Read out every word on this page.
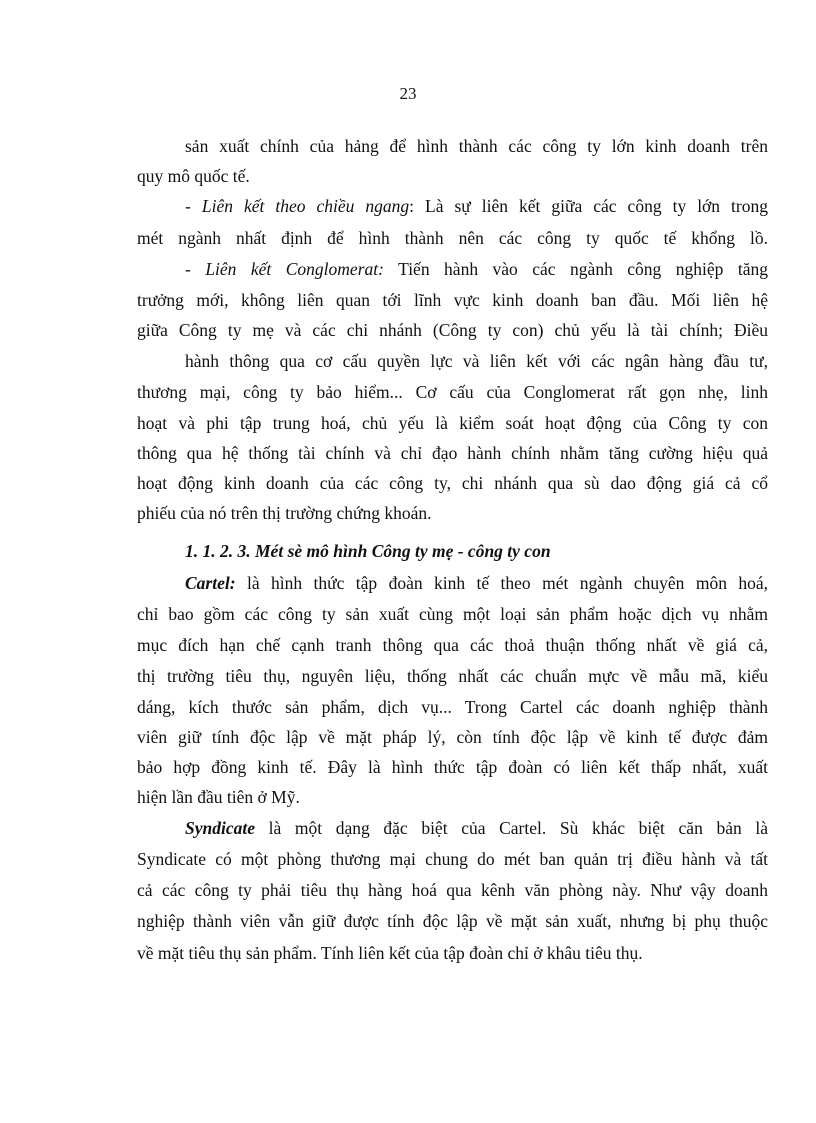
23
sản xuất chính của hảng để hình thành các công ty lớn kinh doanh trên
quy mô quốc tế.
- Liên kết theo chiều ngang: Là sự liên kết giữa các công ty lớn trong
mét ngành nhất định để hình thành nên các công ty quốc tế khổng lồ.
- Liên kết Conglomerat: Tiến hành vào các ngành công nghiệp tăng
trưởng mới, không liên quan tới lĩnh vực kinh doanh ban đầu. Mối liên hệ
giữa Công ty mẹ và các chi nhánh (Công ty con) chủ yếu là tài chính; Điều
hành thông qua cơ cấu quyền lực và liên kết với các ngân hàng đầu tư,
thương mại, công ty bảo hiểm... Cơ cấu của Conglomerat rất gọn nhẹ, linh
hoạt và phi tập trung hoá, chủ yếu là kiểm soát hoạt động của Công ty con
thông qua hệ thống tài chính và chỉ đạo hành chính nhằm tăng cường hiệu quả
hoạt động kinh doanh của các công ty, chi nhánh qua sù dao động giá cả cổ
phiếu của nó trên thị trường chứng khoán.
1. 1. 2. 3. Mét sè mô hình Công ty mẹ - công ty con
Cartel: là hình thức tập đoàn kinh tế theo mét ngành chuyên môn hoá,
chỉ bao gồm các công ty sản xuất cùng một loại sản phẩm hoặc dịch vụ nhằm
mục đích hạn chế cạnh tranh thông qua các thoả thuận thống nhất về giá cả,
thị trường tiêu thụ, nguyên liệu, thống nhất các chuẩn mực về mẫu mã, kiểu
dáng, kích thước sản phẩm, dịch vụ... Trong Cartel các doanh nghiệp thành
viên giữ tính độc lập về mặt pháp lý, còn tính độc lập về kinh tế được đảm
bảo hợp đồng kinh tế. Đây là hình thức tập đoàn có liên kết thấp nhất, xuất
hiện lần đầu tiên ở Mỹ.
Syndicate là một dạng đặc biệt của Cartel. Sù khác biệt căn bản là
Syndicate có một phòng thương mại chung do mét ban quản trị điều hành và tất
cả các công ty phải tiêu thụ hàng hoá qua kênh văn phòng này. Như vậy doanh
nghiệp thành viên vẫn giữ được tính độc lập về mặt sản xuất, nhưng bị phụ thuộc
về mặt tiêu thụ sản phẩm. Tính liên kết của tập đoàn chỉ ở khâu tiêu thụ.
